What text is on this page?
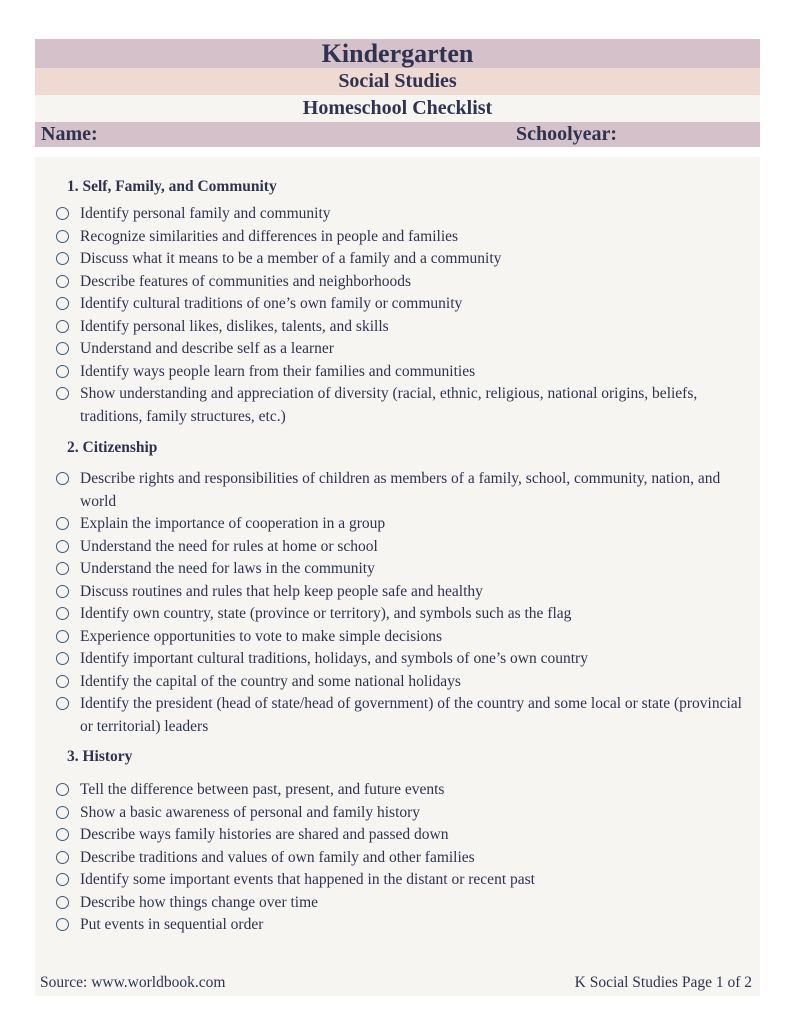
Kindergarten
Social Studies
Homeschool Checklist
Name:	Schoolyear:
1. Self, Family, and Community
Identify personal family and community
Recognize similarities and differences in people and families
Discuss what it means to be a member of a family and a community
Describe features of communities and neighborhoods
Identify cultural traditions of one’s own family or community
Identify personal likes, dislikes, talents, and skills
Understand and describe self as a learner
Identify ways people learn from their families and communities
Show understanding and appreciation of diversity (racial, ethnic, religious, national origins, beliefs, traditions, family structures, etc.)
2. Citizenship
Describe rights and responsibilities of children as members of a family, school, community, nation, and world
Explain the importance of cooperation in a group
Understand the need for rules at home or school
Understand the need for laws in the community
Discuss routines and rules that help keep people safe and healthy
Identify own country, state (province or territory), and symbols such as the flag
Experience opportunities to vote to make simple decisions
Identify important cultural traditions, holidays, and symbols of one’s own country
Identify the capital of the country and some national holidays
Identify the president (head of state/head of government) of the country and some local or state (provincial or territorial) leaders
3. History
Tell the difference between past, present, and future events
Show a basic awareness of personal and family history
Describe ways family histories are shared and passed down
Describe traditions and values of own family and other families
Identify some important events that happened in the distant or recent past
Describe how things change over time
Put events in sequential order
Source: www.worldbook.com	K Social Studies Page 1 of 2
